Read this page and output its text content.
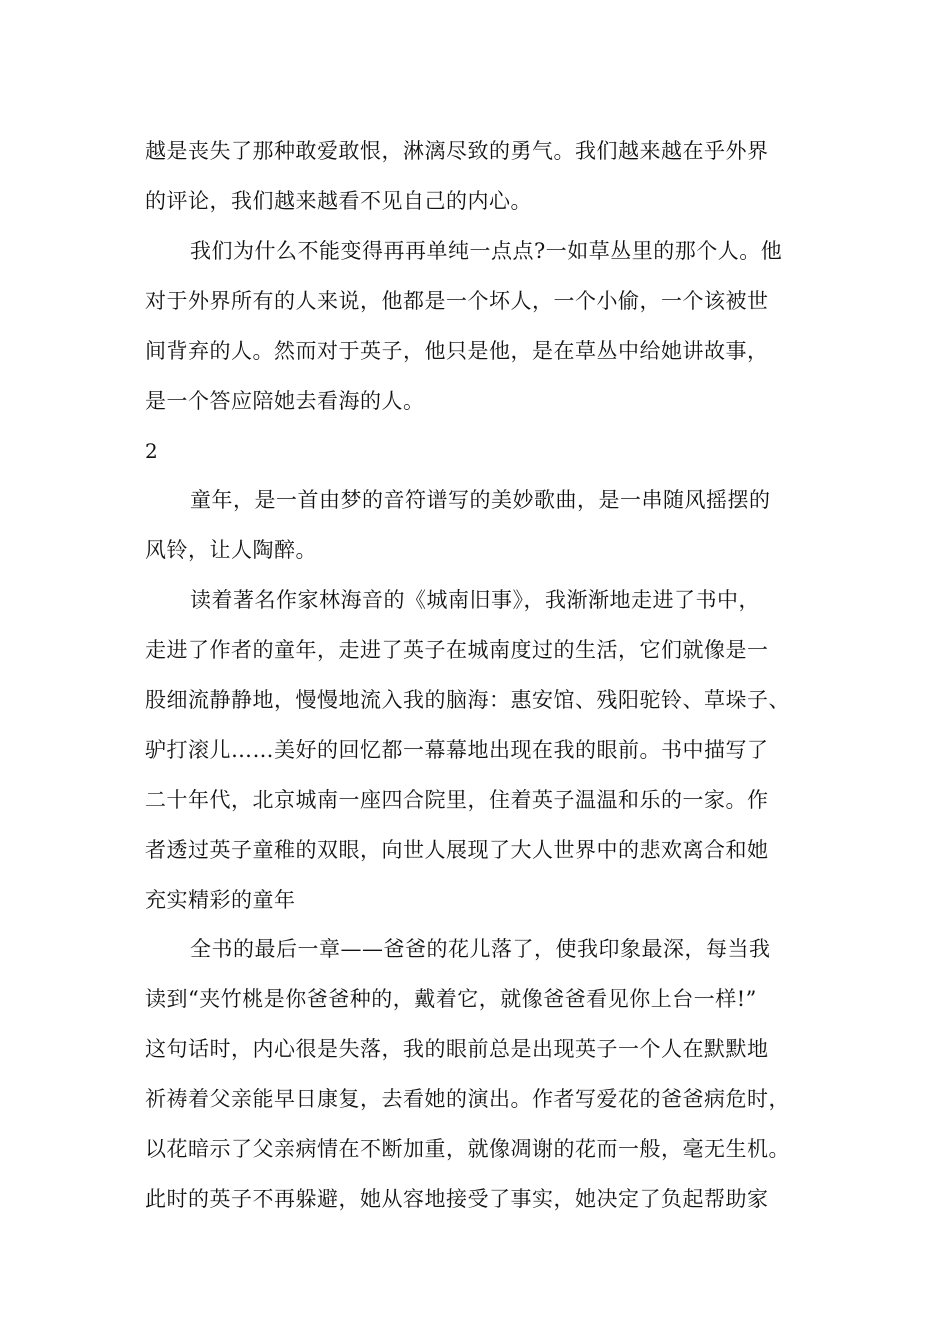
越是丧失了那种敢爱敢恨，淋漓尽致的勇气。我们越来越在乎外界
的评论，我们越来越看不见自己的内心。
我们为什么不能变得再再单纯一点点?一如草丛里的那个人。他
对于外界所有的人来说，他都是一个坏人，一个小偷，一个该被世
间背弃的人。然而对于英子，他只是他，是在草丛中给她讲故事，
是一个答应陪她去看海的人。
2
童年，是一首由梦的音符谱写的美妙歌曲，是一串随风摇摆的
风铃，让人陶醉。
读着著名作家林海音的《城南旧事》，我渐渐地走进了书中，
走进了作者的童年，走进了英子在城南度过的生活，它们就像是一
股细流静静地，慢慢地流入我的脑海：惠安馆、残阳驼铃、草垛子、
驴打滚儿……美好的回忆都一幕幕地出现在我的眼前。书中描写了
二十年代，北京城南一座四合院里，住着英子温温和乐的一家。作
者透过英子童稚的双眼，向世人展现了大人世界中的悲欢离合和她
充实精彩的童年
全书的最后一章——爸爸的花儿落了，使我印象最深，每当我
读到“夹竹桃是你爸爸种的，戴着它，就像爸爸看见你上台一样!”
这句话时，内心很是失落，我的眼前总是出现英子一个人在默默地
祈祷着父亲能早日康复，去看她的演出。作者写爱花的爸爸病危时，
以花暗示了父亲病情在不断加重，就像凋谢的花而一般，毫无生机。
此时的英子不再躲避，她从容地接受了事实，她决定了负起帮助家
